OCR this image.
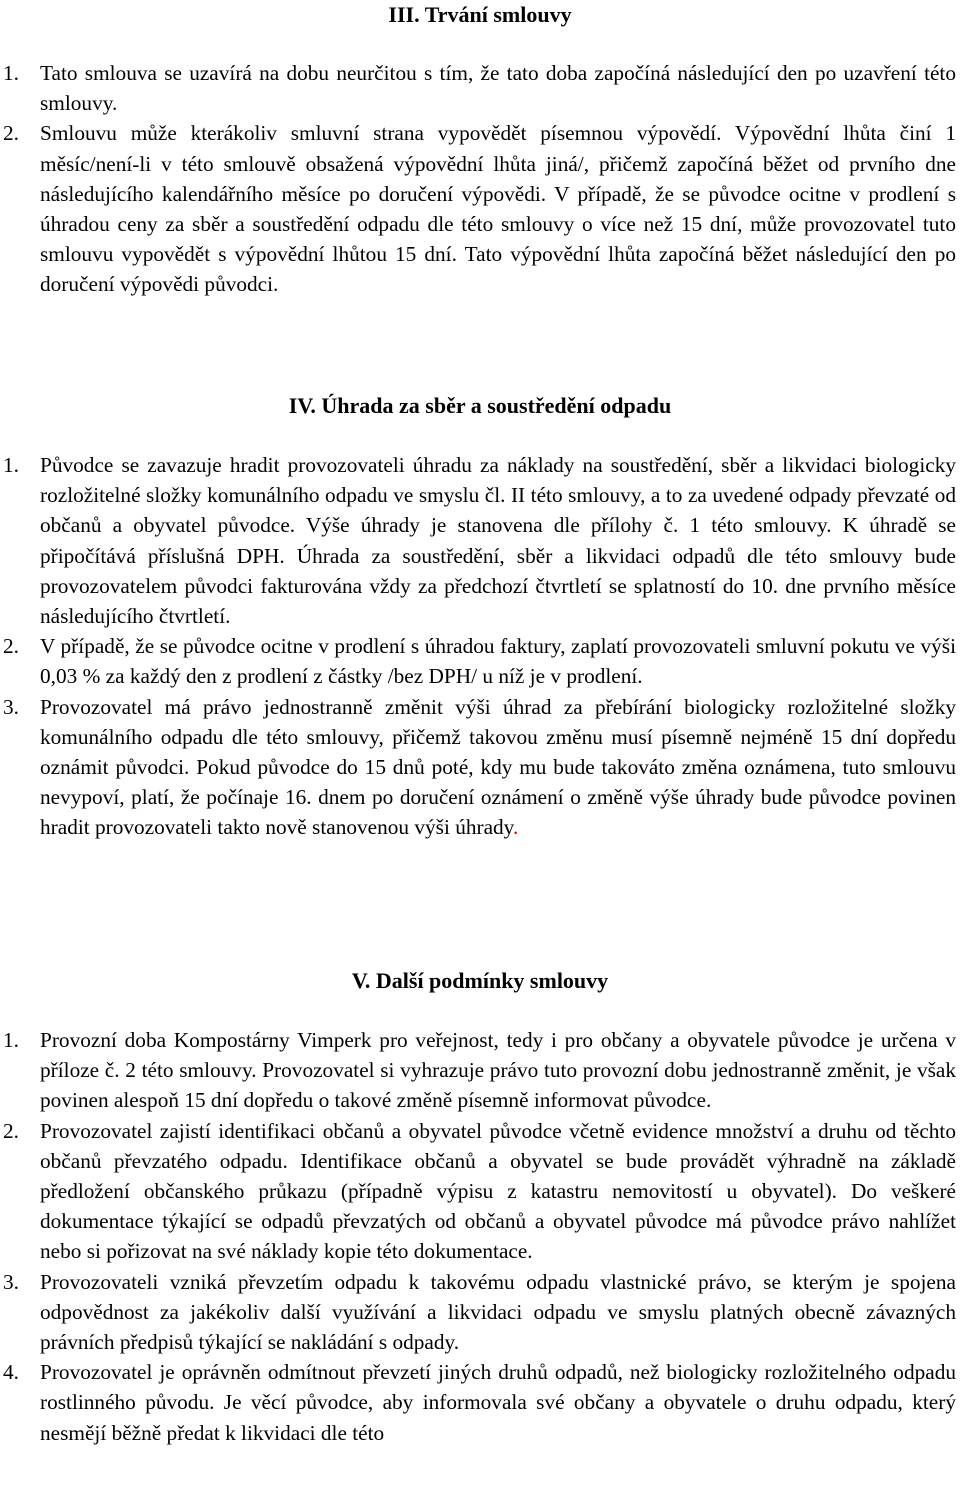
III. Trvání smlouvy
1. Tato smlouva se uzavírá na dobu neurčitou s tím, že tato doba započíná následující den po uzavření této smlouvy.
2. Smlouvu může kterákoliv smluvní strana vypovědět písemnou výpovědí. Výpovědní lhůta činí 1 měsíc/není-li v této smlouvě obsažená výpovědní lhůta jiná/, přičemž započíná běžet od prvního dne následujícího kalendářního měsíce po doručení výpovědi. V případě, že se původce ocitne v prodlení s úhradou ceny za sběr a soustředění odpadu dle této smlouvy o více než 15 dní, může provozovatel tuto smlouvu vypovědět s výpovědní lhůtou 15 dní. Tato výpovědní lhůta započíná běžet následující den po doručení výpovědi původci.
IV. Úhrada za sběr a soustředění odpadu
1. Původce se zavazuje hradit provozovateli úhradu za náklady na soustředění, sběr a likvidaci biologicky rozložitelné složky komunálního odpadu ve smyslu čl. II této smlouvy, a to za uvedené odpady převzaté od občanů a obyvatel původce. Výše úhrady je stanovena dle přílohy č. 1 této smlouvy. K úhradě se připočítává příslušná DPH. Úhrada za soustředění, sběr a likvidaci odpadů dle této smlouvy bude provozovatelem původci fakturována vždy za předchozí čtvrtletí se splatností do 10. dne prvního měsíce následujícího čtvrtletí.
2. V případě, že se původce ocitne v prodlení s úhradou faktury, zaplatí provozovateli smluvní pokutu ve výši 0,03 % za každý den z prodlení z částky /bez DPH/ u níž je v prodlení.
3. Provozovatel má právo jednostranně změnit výši úhrad za přebírání biologicky rozložitelné složky komunálního odpadu dle této smlouvy, přičemž takovou změnu musí písemně nejméně 15 dní dopředu oznámit původci. Pokud původce do 15 dnů poté, kdy mu bude takováto změna oznámena, tuto smlouvu nevypoví, platí, že počínaje 16. dnem po doručení oznámení o změně výše úhrady bude původce povinen hradit provozovateli takto nově stanovenou výši úhrady.
V. Další podmínky smlouvy
1. Provozní doba Kompostárny Vimperk pro veřejnost, tedy i pro občany a obyvatele původce je určena v příloze č. 2 této smlouvy. Provozovatel si vyhrazuje právo tuto provozní dobu jednostranně změnit, je však povinen alespoň 15 dní dopředu o takové změně písemně informovat původce.
2. Provozovatel zajistí identifikaci občanů a obyvatel původce včetně evidence množství a druhu od těchto občanů převzatého odpadu. Identifikace občanů a obyvatel se bude provádět výhradně na základě předložení občanského průkazu (případně výpisu z katastru nemovitostí u obyvatel). Do veškeré dokumentace týkající se odpadů převzatých od občanů a obyvatel původce má původce právo nahlížet nebo si pořizovat na své náklady kopie této dokumentace.
3. Provozovateli vzniká převzetím odpadu k takovému odpadu vlastnické právo, se kterým je spojena odpovědnost za jakékoliv další využívání a likvidaci odpadu ve smyslu platných obecně závazných právních předpisů týkající se nakládání s odpady.
4. Provozovatel je oprávněn odmítnout převzetí jiných druhů odpadů, než biologicky rozložitelného odpadu rostlinného původu. Je věcí původce, aby informovala své občany a obyvatele o druhu odpadu, který nesmějí běžně předat k likvidaci dle této
